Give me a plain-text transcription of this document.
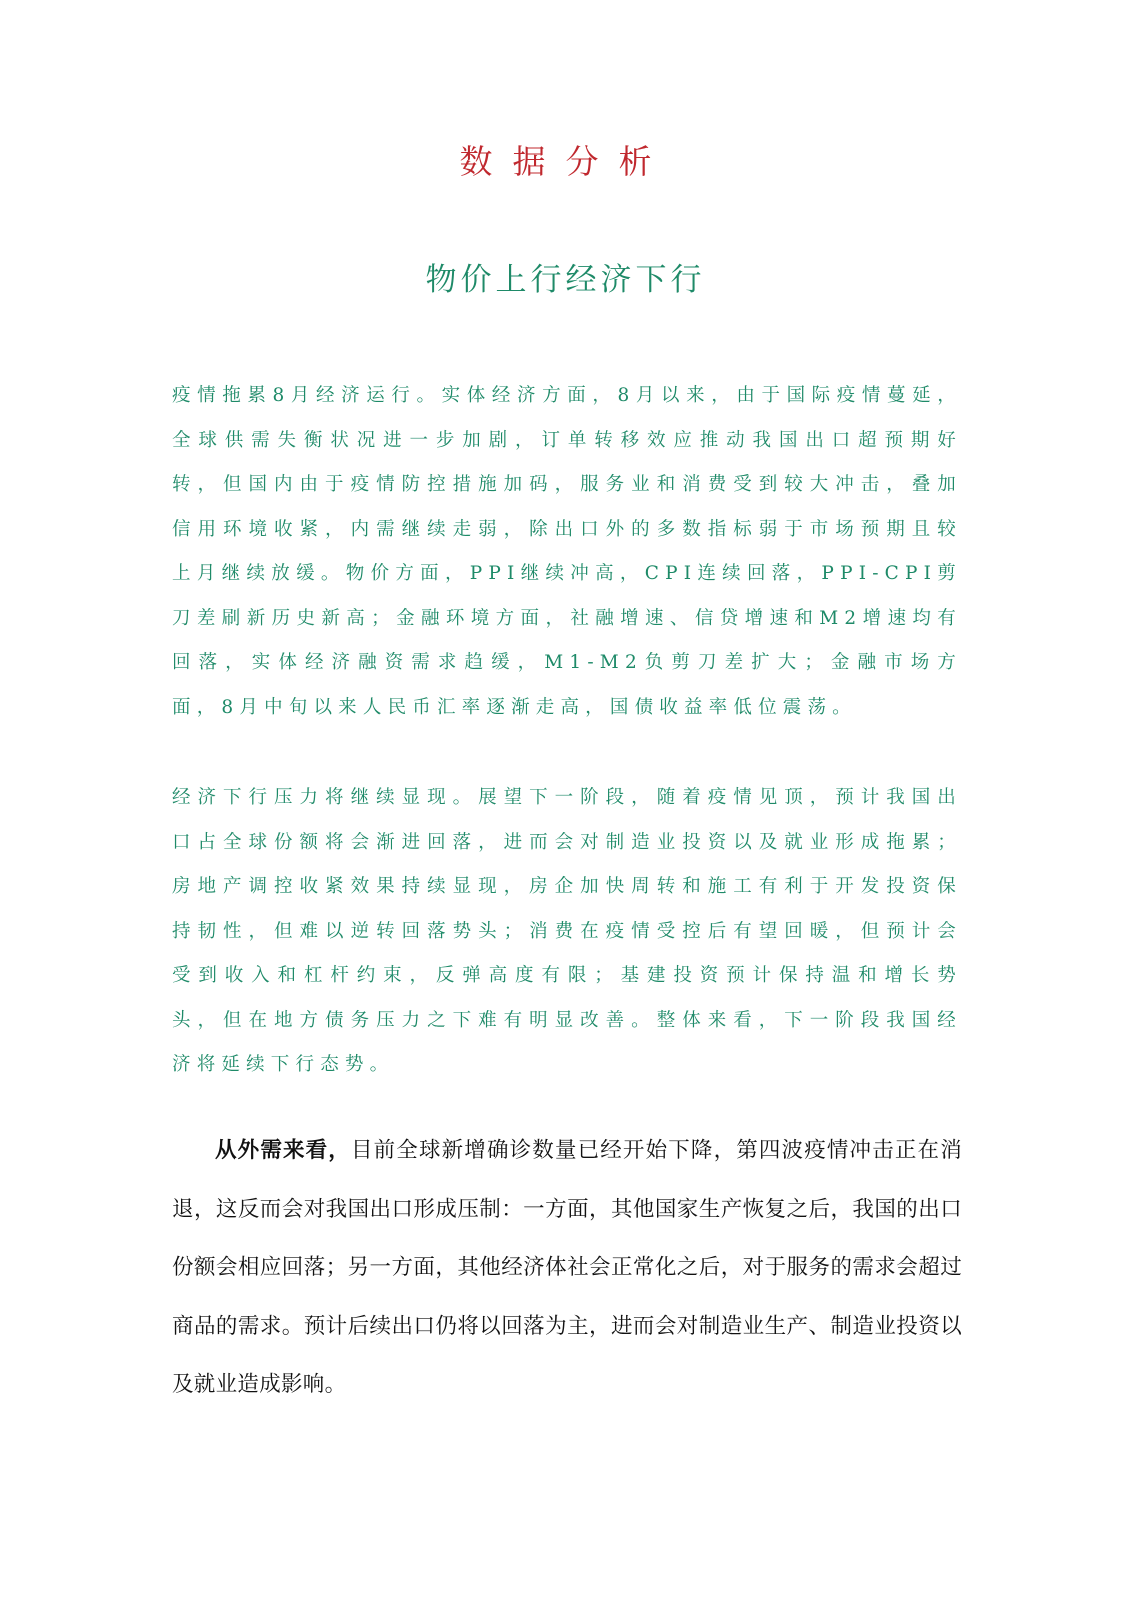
数据分析
物价上行经济下行

疫情拖累8月经济运行。实体经济方面，8月以来，由于国际疫情蔓延，全球供需失衡状况进一步加剧，订单转移效应推动我国出口超预期好转，但国内由于疫情防控措施加码，服务业和消费受到较大冲击，叠加信用环境收紧，内需继续走弱，除出口外的多数指标弱于市场预期且较上月继续放缓。物价方面，PPI继续冲高，CPI连续回落，PPI-CPI剪刀差刷新历史新高；金融环境方面，社融增速、信贷增速和M2增速均有回落，实体经济融资需求趋缓，M1-M2负剪刀差扩大；金融市场方面，8月中旬以来人民币汇率逐渐走高，国债收益率低位震荡。

经济下行压力将继续显现。展望下一阶段，随着疫情见顶，预计我国出口占全球份额将会渐进回落，进而会对制造业投资以及就业形成拖累；房地产调控收紧效果持续显现，房企加快周转和施工有利于开发投资保持韧性，但难以逆转回落势头；消费在疫情受控后有望回暖，但预计会受到收入和杠杆约束，反弹高度有限；基建投资预计保持温和增长势头，但在地方债务压力之下难有明显改善。整体来看，下一阶段我国经济将延续下行态势。

从外需来看，目前全球新增确诊数量已经开始下降，第四波疫情冲击正在消退，这反而会对我国出口形成压制：一方面，其他国家生产恢复之后，我国的出口份额会相应回落；另一方面，其他经济体社会正常化之后，对于服务的需求会超过商品的需求。预计后续出口仍将以回落为主，进而会对制造业生产、制造业投资以及就业造成影响。
